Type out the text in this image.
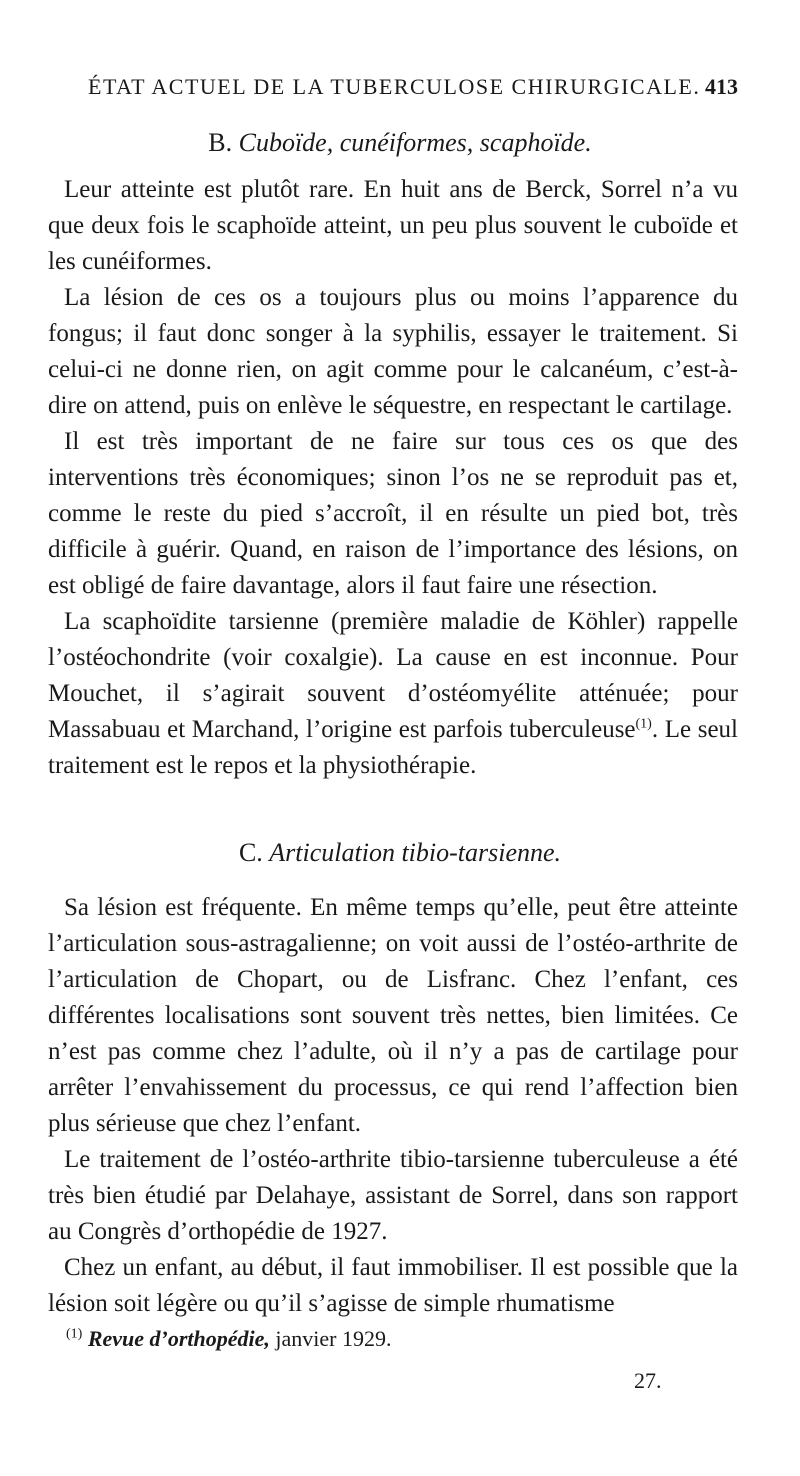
ÉTAT ACTUEL DE LA TUBERCULOSE CHIRURGICALE. 413
B. Cuboïde, cunéiformes, scaphoïde.

Leur atteinte est plutôt rare. En huit ans de Berck, Sorrel n’a vu que deux fois le scaphoïde atteint, un peu plus souvent le cuboïde et les cunéiformes.

La lésion de ces os a toujours plus ou moins l’apparence du fongus; il faut donc songer à la syphilis, essayer le traitement. Si celui-ci ne donne rien, on agit comme pour le calcanéum, c’est-à-dire on attend, puis on enlève le séquestre, en respectant le cartilage.

Il est très important de ne faire sur tous ces os que des interventions très économiques; sinon l’os ne se reproduit pas et, comme le reste du pied s’accroît, il en résulte un pied bot, très difficile à guérir. Quand, en raison de l’importance des lésions, on est obligé de faire davantage, alors il faut faire une résection.

La scaphoïdite tarsienne (première maladie de Köhler) rappelle l’ostéochondrite (voir coxalgie). La cause en est inconnue. Pour Mouchet, il s’agirait souvent d’ostéomyélite atténuée; pour Massabuau et Marchand, l’origine est parfois tuberculeuse$^{(1)}$. Le seul traitement est le repos et la physiothérapie.

C. Articulation tibio-tarsienne.

Sa lésion est fréquente. En même temps qu’elle, peut être atteinte l’articulation sous-astragalienne; on voit aussi de l’ostéo-arthrite de l’articulation de Chopart, ou de Lisfranc. Chez l’enfant, ces différentes localisations sont souvent très nettes, bien limitées. Ce n’est pas comme chez l’adulte, où il n’y a pas de cartilage pour arrêter l’envahissement du processus, ce qui rend l’affection bien plus sérieuse que chez l’enfant.

Le traitement de l’ostéo-arthrite tibio-tarsienne tuberculeuse a été très bien étudié par Delahaye, assistant de Sorrel, dans son rapport au Congrès d’orthopédie de 1927.

Chez un enfant, au début, il faut immobiliser. Il est possible que la lésion soit légère ou qu’il s’agisse de simple rhumatisme

$^{(1)}$ Revue d’orthopédie, janvier 1929.
27.
